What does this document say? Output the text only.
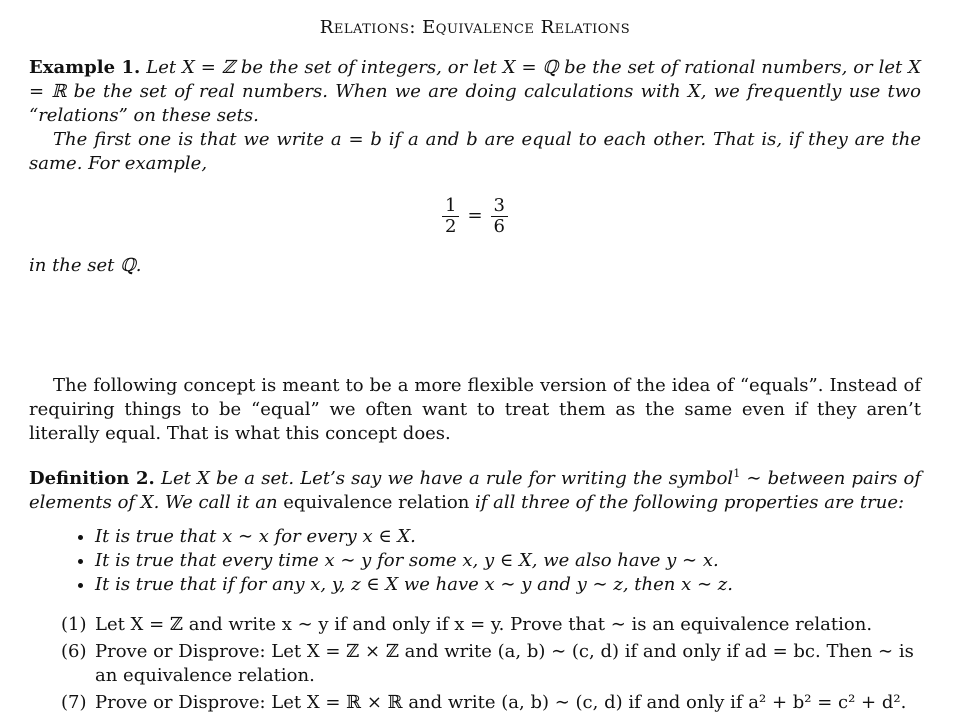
Relations: Equivalence Relations

Example 1. Let X = ℤ be the set of integers, or let X = ℚ be the set of rational numbers, or let X = ℝ be the set of real numbers. When we are doing calculations with X, we frequently use two “relations” on these sets.

The first one is that we write a = b if a and b are equal to each other. That is, if they are the same. For example,

$\frac{1}{2} = \frac{3}{6}$

in the set ℚ.

The following concept is meant to be a more flexible version of the idea of “equals”. Instead of requiring things to be “equal” we often want to treat them as the same even if they aren’t literally equal. That is what this concept does.

Definition 2. Let X be a set. Let’s say we have a rule for writing the symbol$^1$ ∼ between pairs of elements of X. We call it an equivalence relation if all three of the following properties are true:

• It is true that x ∼ x for every x ∈ X.
• It is true that every time x ∼ y for some x, y ∈ X, we also have y ∼ x.
• It is true that if for any x, y, z ∈ X we have x ∼ y and y ∼ z, then x ∼ z.
(1) Let X = ℤ and write x ∼ y if and only if x = y. Prove that ∼ is an equivalence relation.
(6) Prove or Disprove: Let X = ℤ × ℤ and write (a, b) ∼ (c, d) if and only if ad = bc. Then ∼ is an equivalence relation.
(7) Prove or Disprove: Let X = ℝ × ℝ and write (a, b) ∼ (c, d) if and only if a² + b² = c² + d².
